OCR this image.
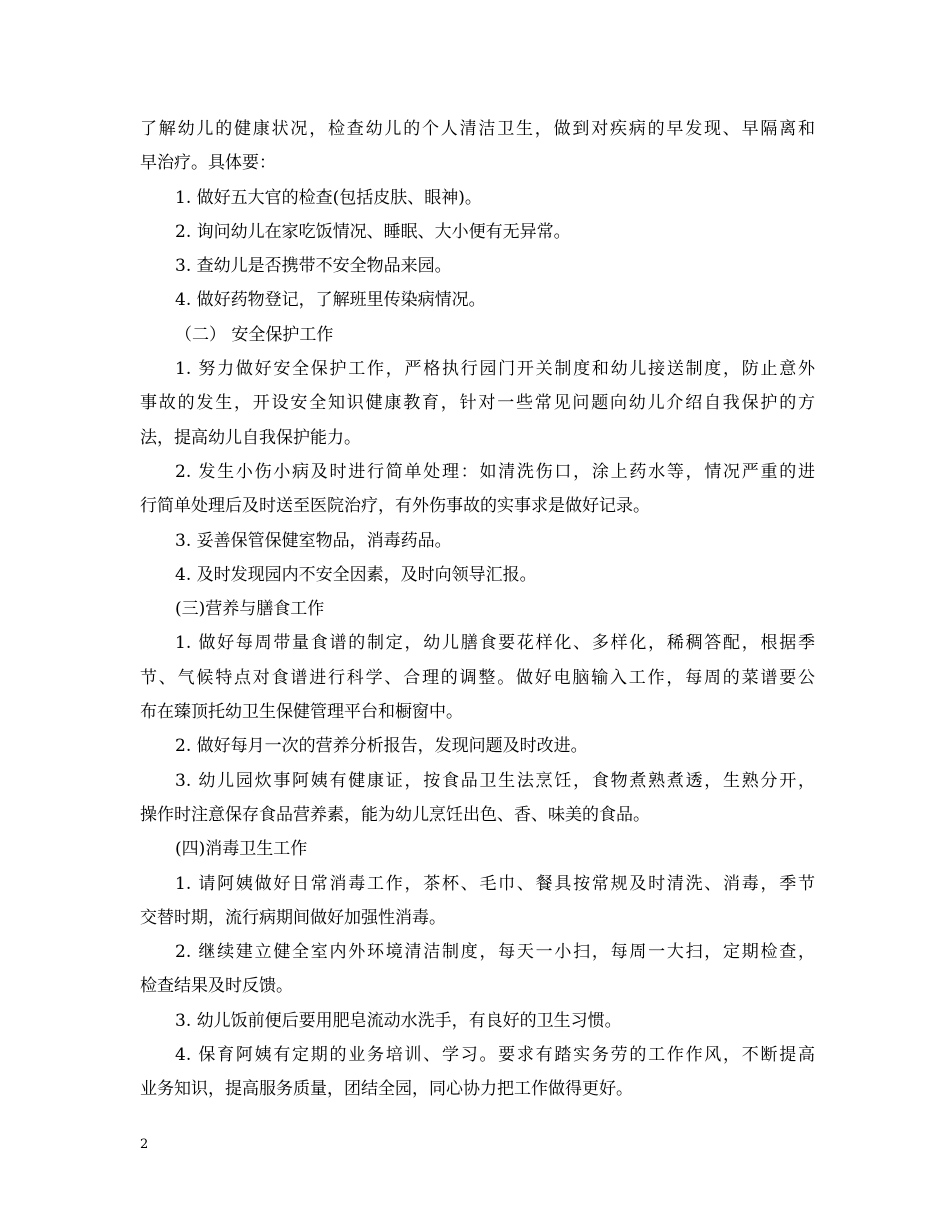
了解幼儿的健康状况，检查幼儿的个人清洁卫生，做到对疾病的早发现、早隔离和
早治疗。具体要：
1. 做好五大官的检查(包括皮肤、眼神)。
2. 询问幼儿在家吃饭情况、睡眠、大小便有无异常。
3. 查幼儿是否携带不安全物品来园。
4. 做好药物登记，了解班里传染病情况。
（二） 安全保护工作
1. 努力做好安全保护工作，严格执行园门开关制度和幼儿接送制度，防止意外
事故的发生，开设安全知识健康教育，针对一些常见问题向幼儿介绍自我保护的方
法，提高幼儿自我保护能力。
2. 发生小伤小病及时进行简单处理：如清洗伤口，涂上药水等，情况严重的进
行简单处理后及时送至医院治疗，有外伤事故的实事求是做好记录。
3. 妥善保管保健室物品，消毒药品。
4. 及时发现园内不安全因素，及时向领导汇报。
(三)营养与膳食工作
1. 做好每周带量食谱的制定，幼儿膳食要花样化、多样化，稀稠答配，根据季
节、气候特点对食谱进行科学、合理的调整。做好电脑输入工作，每周的菜谱要公
布在臻顶托幼卫生保健管理平台和橱窗中。
2. 做好每月一次的营养分析报告，发现问题及时改进。
3. 幼儿园炊事阿姨有健康证，按食品卫生法烹饪，食物煮熟煮透，生熟分开，
操作时注意保存食品营养素，能为幼儿烹饪出色、香、味美的食品。
(四)消毒卫生工作
1. 请阿姨做好日常消毒工作，茶杯、毛巾、餐具按常规及时清洗、消毒，季节
交替时期，流行病期间做好加强性消毒。
2. 继续建立健全室内外环境清洁制度，每天一小扫，每周一大扫，定期检查，
检查结果及时反馈。
3. 幼儿饭前便后要用肥皂流动水洗手，有良好的卫生习惯。
4. 保育阿姨有定期的业务培训、学习。要求有踏实务劳的工作作风，不断提高
业务知识，提高服务质量，团结全园，同心协力把工作做得更好。
2
